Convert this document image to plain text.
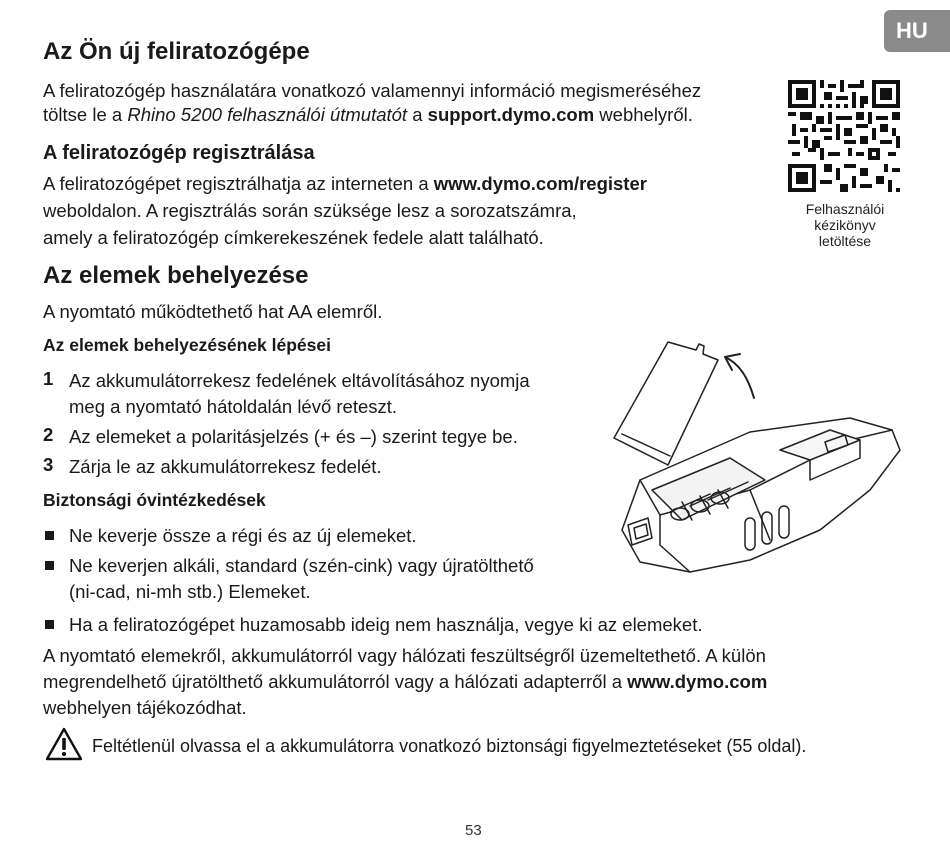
HU
Az Ön új feliratozógépe

A feliratozógép használatára vonatkozó valamennyi információ megismeréséhez

töltse le a Rhino 5200 felhasználói útmutatót a support.dymo.com webhelyről.

A feliratozógép regisztrálása

A feliratozógépet regisztrálhatja az interneten a www.dymo.com/register

weboldalon. A regisztrálás során szüksége lesz a sorozatszámra,

amely a feliratozógép címkerekeszének fedele alatt található.

Felhasználói
kézikönyv
letöltése
Az elemek behelyezése

A nyomtató működtethető hat AA elemről.

Az elemek behelyezésének lépései
1 Az akkumulátorrekesz fedelének eltávolításához nyomja

meg a nyomtató hátoldalán lévő reteszt.

2 Az elemeket a polaritásjelzés (+ és –) szerint tegye be.

3 Zárja le az akkumulátorrekesz fedelét.

Biztonsági óvintézkedések

Ne keverje össze a régi és az új elemeket.

Ne keverjen alkáli, standard (szén-cink) vagy újratölthető

(ni-cad, ni-mh stb.) Elemeket.

Ha a feliratozógépet huzamosabb ideig nem használja, vegye ki az elemeket.

A nyomtató elemekről, akkumulátorról vagy hálózati feszültségről üzemeltethető. A külön

megrendelhető újratölthető akkumulátorról vagy a hálózati adapterről a www.dymo.com

webhelyen tájékozódhat.

Feltétlenül olvassa el a akkumulátorra vonatkozó biztonsági figyelmeztetéseket (55 oldal).

53
